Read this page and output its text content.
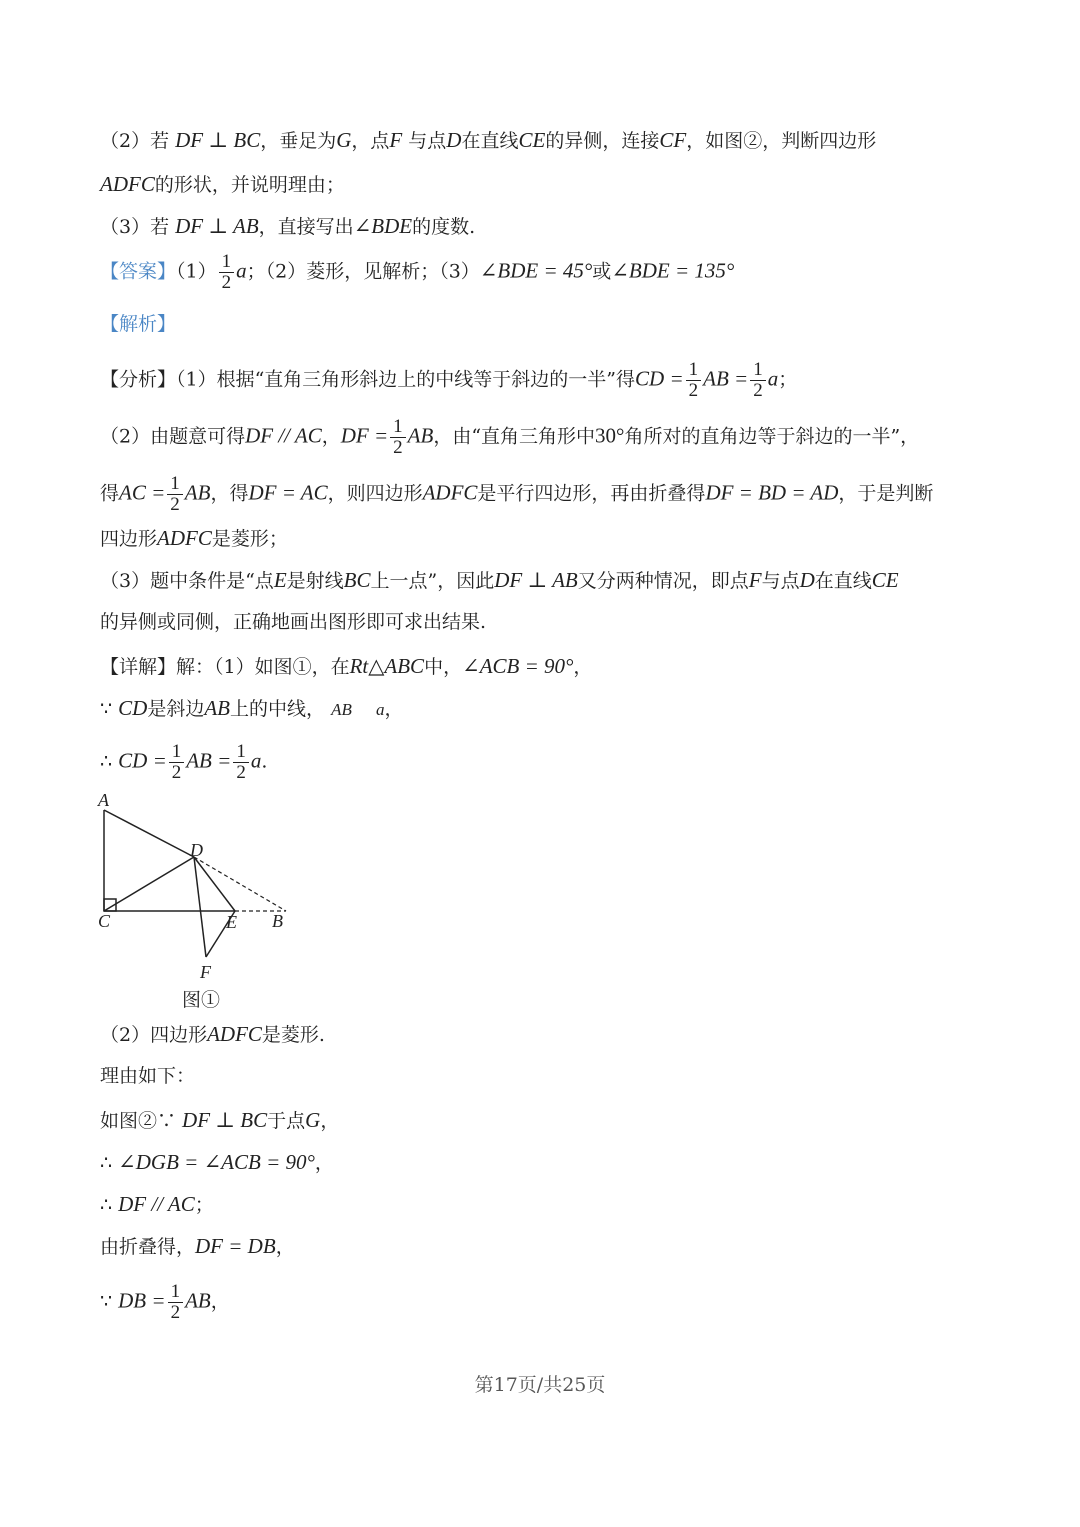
（2）若 DF ⊥ BC，垂足为G，点F 与点D在直线CE的异侧，连接CF，如图②，判断四边形
ADFC的形状，并说明理由；
（3）若 DF ⊥ AB，直接写出∠BDE的度数.
【答案】$(1) \frac{1}{2}$ a；（2）菱形，见解析；（3）∠BDE = 45°或∠BDE = 135°
【解析】
【分析】（1）根据“直角三角形斜边上的中线等于斜边的一半”得CD = $\frac{1}{2}$ AB = $\frac{1}{2}$ a；
（2）由题意可得DF // AC，DF = $\frac{1}{2}$ AB，由“直角三角形中30°角所对的直角边等于斜边的一半”，
得AC = $\frac{1}{2}$ AB，得DF = AC，则四边形ADFC是平行四边形，再由折叠得DF = BD = AD，于是判断
四边形ADFC是菱形；
（3）题中条件是“点E是射线BC上一点”，因此DF ⊥ AB又分两种情况，即点F与点D在直线CE
的异侧或同侧，正确地画出图形即可求出结果.
【详解】解：（1）如图①，在Rt△ABC中，∠ACB = 90°，
∵ CD是斜边AB上的中线， AB a，
∴ CD = $\frac{1}{2}$ AB = $\frac{1}{2} a$.
A
D
C	E B
F
图①
（2）四边形ADFC是菱形.
理由如下：
如图②∵ DF ⊥ BC于点G，
∴ ∠DGB = ∠ACB = 90°，
∴ DF // AC；
由折叠得，DF = DB，
∵ DB = $\frac{1}{2}$ AB，
第17页/共25页
